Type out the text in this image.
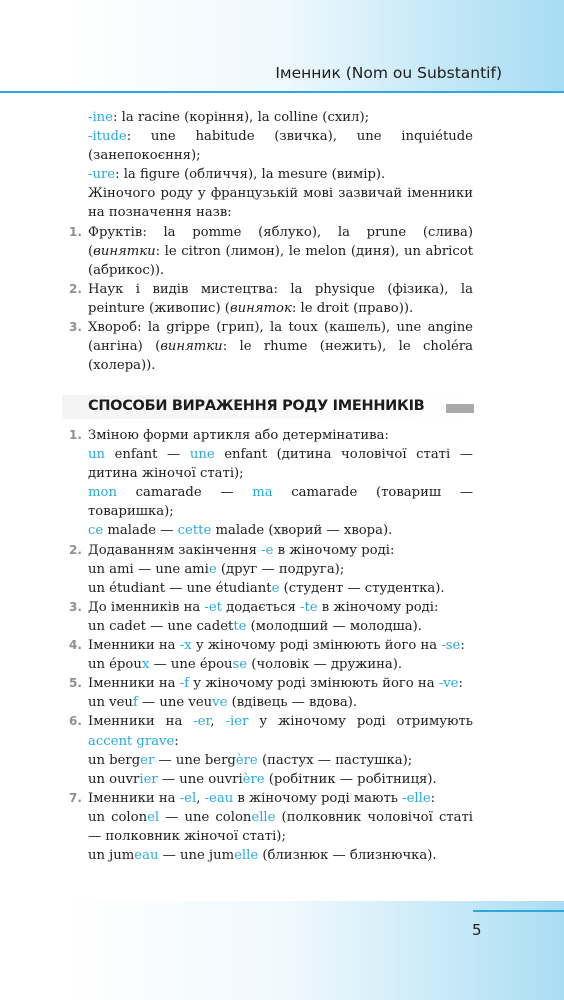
Іменник (Nom ou Substantif)

-ine: la racine (коріння), la colline (схил);

-itude: une habitude (звичка), une inquiétude (занепокоєння);

-ure: la figure (обличчя), la mesure (вимір).

Жіночого роду у французькій мові зазвичай іменники на позначення назв:

1. Фруктів: la pomme (яблуко), la prune (слива) (винятки: le citron (лимон), le melon (диня), un abricot (абрикос)).

2. Наук і видів мистецтва: la physique (фізика), la peinture (живопис) (виняток: le droit (право)).

3. Хвороб: la grippe (грип), la toux (кашель), une angine (ангіна) (винятки: le rhume (нежить), le choléra (холера)).

СПОСОБИ ВИРАЖЕННЯ РОДУ ІМЕННИКІВ
1. Зміною форми артикля або детермінатива:

un enfant — une enfant (дитина чоловічої статі — дитина жіночої статі);

mon camarade — ma camarade (товариш — товаришка);

ce malade — cette malade (хворий — хвора).

2. Додаванням закінчення -e в жіночому роді:

un ami — une amie (друг — подруга);

un étudiant — une étudiante (студент — студентка).

3. До іменників на -et додається -te в жіночому роді:

un cadet — une cadette (молодший — молодша).

4. Іменники на -x у жіночому роді змінюють його на -se:

un époux — une épouse (чоловік — дружина).

5. Іменники на -f у жіночому роді змінюють його на -ve:

un veuf — une veuve (вдівець — вдова).

6. Іменники на -er, -ier у жіночому роді отримують accent grave:

un berger — une bergère (пастух — пастушка);

un ouvrier — une ouvrière (робітник — робітниця).

7. Іменники на -el, -eau в жіночому роді мають -elle:

un colonel — une colonelle (полковник чоловічої статі — полковник жіночої статі);

un jumeau — une jumelle (близнюк — близнючка).

5
